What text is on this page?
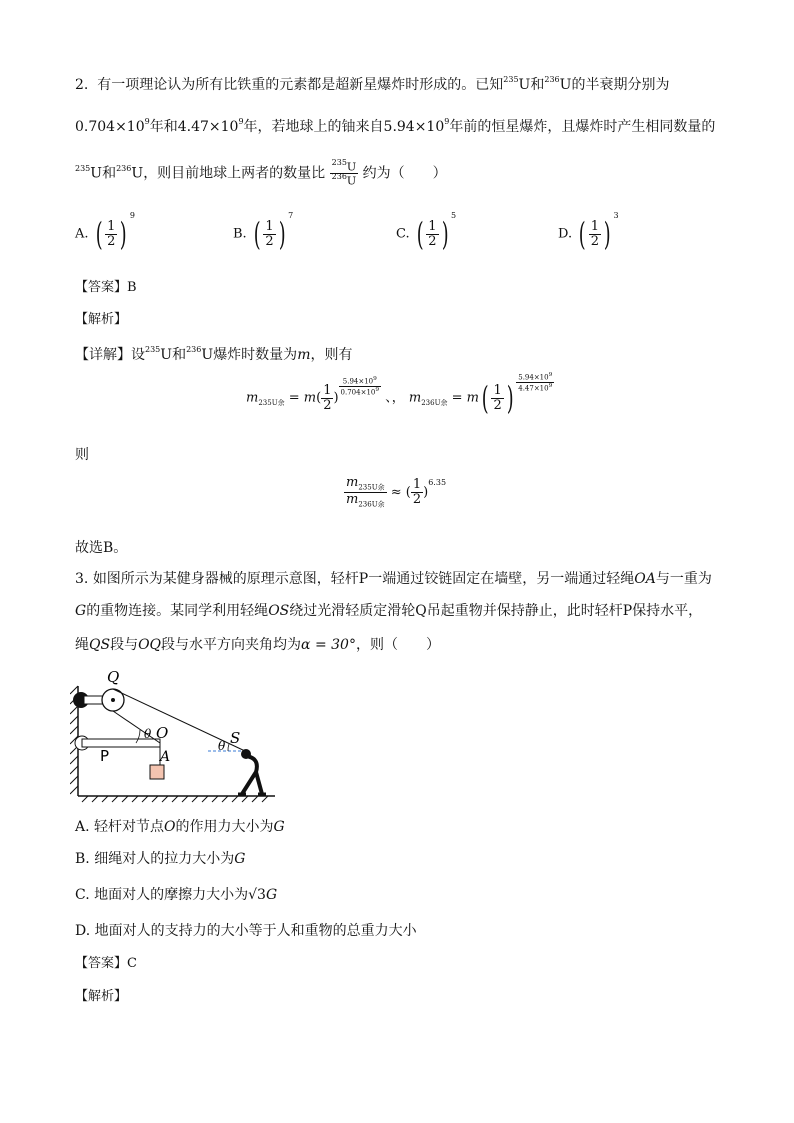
2. 有一项理论认为所有比铁重的元素都是超新星爆炸时形成的。已知$^{235}$U和$^{236}$U的半衰期分别为
$0.704\times 10^9$年和$4.47\times 10^9$年，若地球上的铀来自$5.94\times 10^9$年前的恒星爆炸，且爆炸时产生相同数量的
$^{235}$U和$^{236}$U，则目前地球上两者的数量比 $\frac{^{235}U}{^{236}U}$ 约为（　　）
A. ( $\frac{1}{2}$ ) $^9$
B. ( $\frac{1}{2}$ ) $^7$
C. ( $\frac{1}{2}$ ) $^5$
D. ( $\frac{1}{2}$ ) $^3$
【答案】B
【解析】
【详解】设$^{235}$U和$^{236}$U爆炸时数量为m，则有
$m_{235U余} = m( \frac{1}{2}$ )
$\frac{5.94\times 10^9}{0.704\times 10^9}$
、， $m_{236U余} = m( \frac{1}{2}$ ) $\frac{5.94\times 10^9}{4.47\times 10^9}$
则
$\frac{m_{235U余}}{m_{236U余}}$ ≈ ( $\frac{1}{2} )^{6.35}$
故选B。
3. 如图所示为某健身器械的原理示意图，轻杆P一端通过铰链固定在墙壁，另一端通过轻绳OA与一重为
G的重物连接。某同学利用轻绳OS绕过光滑轻质定滑轮Q吊起重物并保持静止，此时轻杆P保持水平，
绳QS段与OQ段与水平方向夹角均为α = 30°，则（　　）
Q
O
θ
θ S
P	A
A. 轻杆对节点O的作用力大小为G
B. 细绳对人的拉力大小为G
C. 地面对人的摩擦力大小为√3G
D. 地面对人的支持力的大小等于人和重物的总重力大小
【答案】C
【解析】
